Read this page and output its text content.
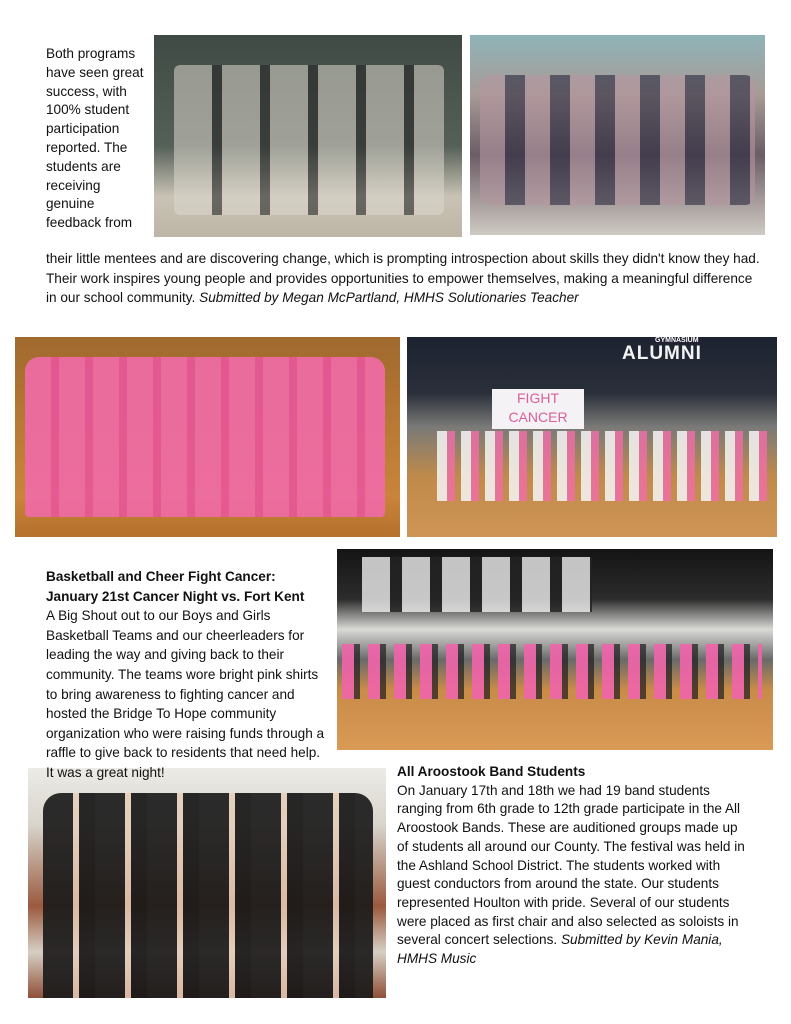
GYMNASIUM
ALUMNI
FIGHT CANCER

Both programs have seen great success, with 100% student participation reported. The students are receiving genuine feedback from

their little mentees and are discovering change, which is prompting introspection about skills they didn't know they had. Their work inspires young people and provides opportunities to empower themselves, making a meaningful difference in our school community. Submitted by Megan McPartland, HMHS Solutionaries Teacher

Basketball and Cheer Fight Cancer:
January 21st Cancer Night vs. Fort Kent
A Big Shout out to our Boys and Girls Basketball Teams and our cheerleaders for leading the way and giving back to their community. The teams wore bright pink shirts to bring awareness to fighting cancer and hosted the Bridge To Hope community organization who were raising funds through a raffle to give back to residents that need help. It was a great night!	All Aroostook Band Students
On January 17th and 18th we had 19 band students ranging from 6th grade to 12th grade participate in the All Aroostook Bands. These are auditioned groups made up of students all around our County. The festival was held in the Ashland School District. The students worked with guest conductors from around the state. Our students represented Houlton with pride. Several of our students were placed as first chair and also selected as soloists in several concert selections. Submitted by Kevin Mania, HMHS Music
